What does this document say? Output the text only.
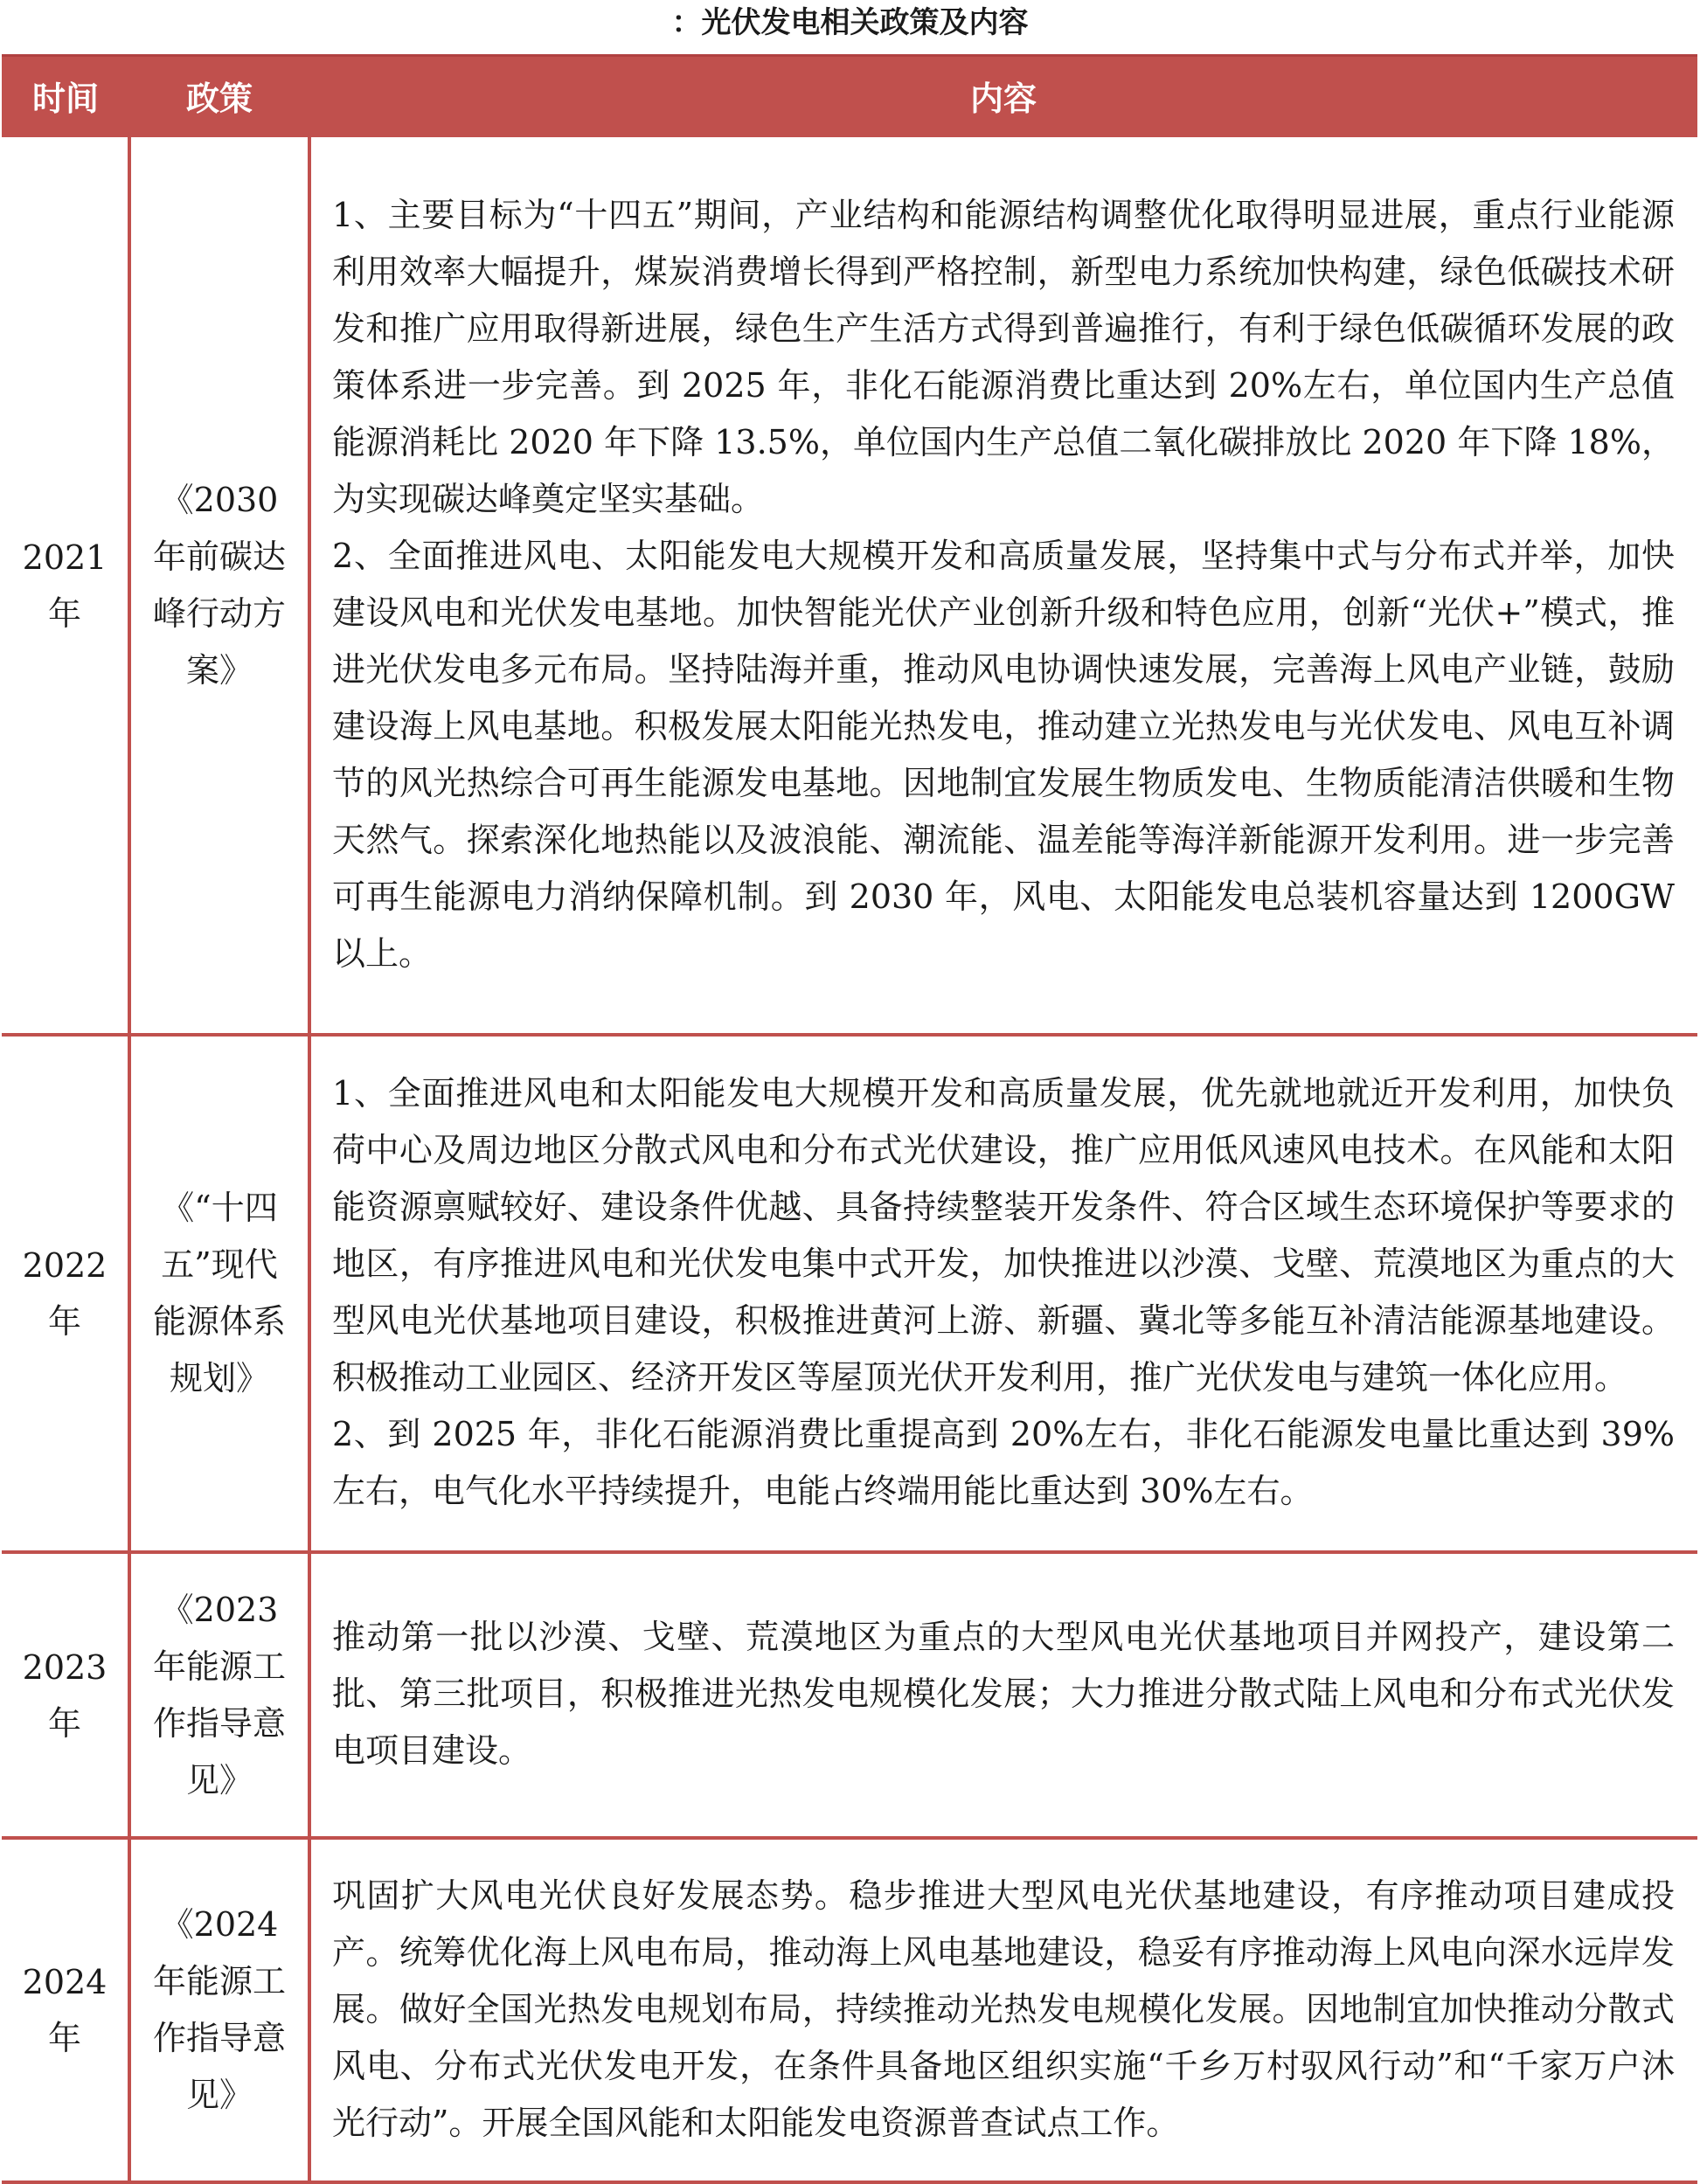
：光伏发电相关政策及内容
时间	政策	内容
2021年	《2030年前碳达峰行动方案》	1、主要目标为“十四五”期间，产业结构和能源结构调整优化取得明显进展，重点行业能源利用效率大幅提升，煤炭消费增长得到严格控制，新型电力系统加快构建，绿色低碳技术研发和推广应用取得新进展，绿色生产生活方式得到普遍推行，有利于绿色低碳循环发展的政策体系进一步完善。到 2025 年，非化石能源消费比重达到 20%左右，单位国内生产总值能源消耗比 2020 年下降 13.5%，单位国内生产总值二氧化碳排放比 2020 年下降 18%，为实现碳达峰奠定坚实基础。
2、全面推进风电、太阳能发电大规模开发和高质量发展，坚持集中式与分布式并举，加快建设风电和光伏发电基地。加快智能光伏产业创新升级和特色应用，创新“光伏+”模式，推进光伏发电多元布局。坚持陆海并重，推动风电协调快速发展，完善海上风电产业链，鼓励建设海上风电基地。积极发展太阳能光热发电，推动建立光热发电与光伏发电、风电互补调节的风光热综合可再生能源发电基地。因地制宜发展生物质发电、生物质能清洁供暖和生物天然气。探索深化地热能以及波浪能、潮流能、温差能等海洋新能源开发利用。进一步完善可再生能源电力消纳保障机制。到 2030 年，风电、太阳能发电总装机容量达到 1200GW 以上。

2022年	《“十四五”现代能源体系规划》	1、全面推进风电和太阳能发电大规模开发和高质量发展，优先就地就近开发利用，加快负荷中心及周边地区分散式风电和分布式光伏建设，推广应用低风速风电技术。在风能和太阳能资源禀赋较好、建设条件优越、具备持续整装开发条件、符合区域生态环境保护等要求的地区，有序推进风电和光伏发电集中式开发，加快推进以沙漠、戈壁、荒漠地区为重点的大型风电光伏基地项目建设，积极推进黄河上游、新疆、冀北等多能互补清洁能源基地建设。积极推动工业园区、经济开发区等屋顶光伏开发利用，推广光伏发电与建筑一体化应用。
2、到 2025 年，非化石能源消费比重提高到 20%左右，非化石能源发电量比重达到 39%左右，电气化水平持续提升，电能占终端用能比重达到 30%左右。

2023年	《2023年能源工作指导意见》	推动第一批以沙漠、戈壁、荒漠地区为重点的大型风电光伏基地项目并网投产，建设第二批、第三批项目，积极推进光热发电规模化发展；大力推进分散式陆上风电和分布式光伏发电项目建设。

2024年	《2024年能源工作指导意见》	巩固扩大风电光伏良好发展态势。稳步推进大型风电光伏基地建设，有序推动项目建成投产。统筹优化海上风电布局，推动海上风电基地建设，稳妥有序推动海上风电向深水远岸发展。做好全国光热发电规划布局，持续推动光热发电规模化发展。因地制宜加快推动分散式风电、分布式光伏发电开发，在条件具备地区组织实施“千乡万村驭风行动”和“千家万户沐光行动”。开展全国风能和太阳能发电资源普查试点工作。
